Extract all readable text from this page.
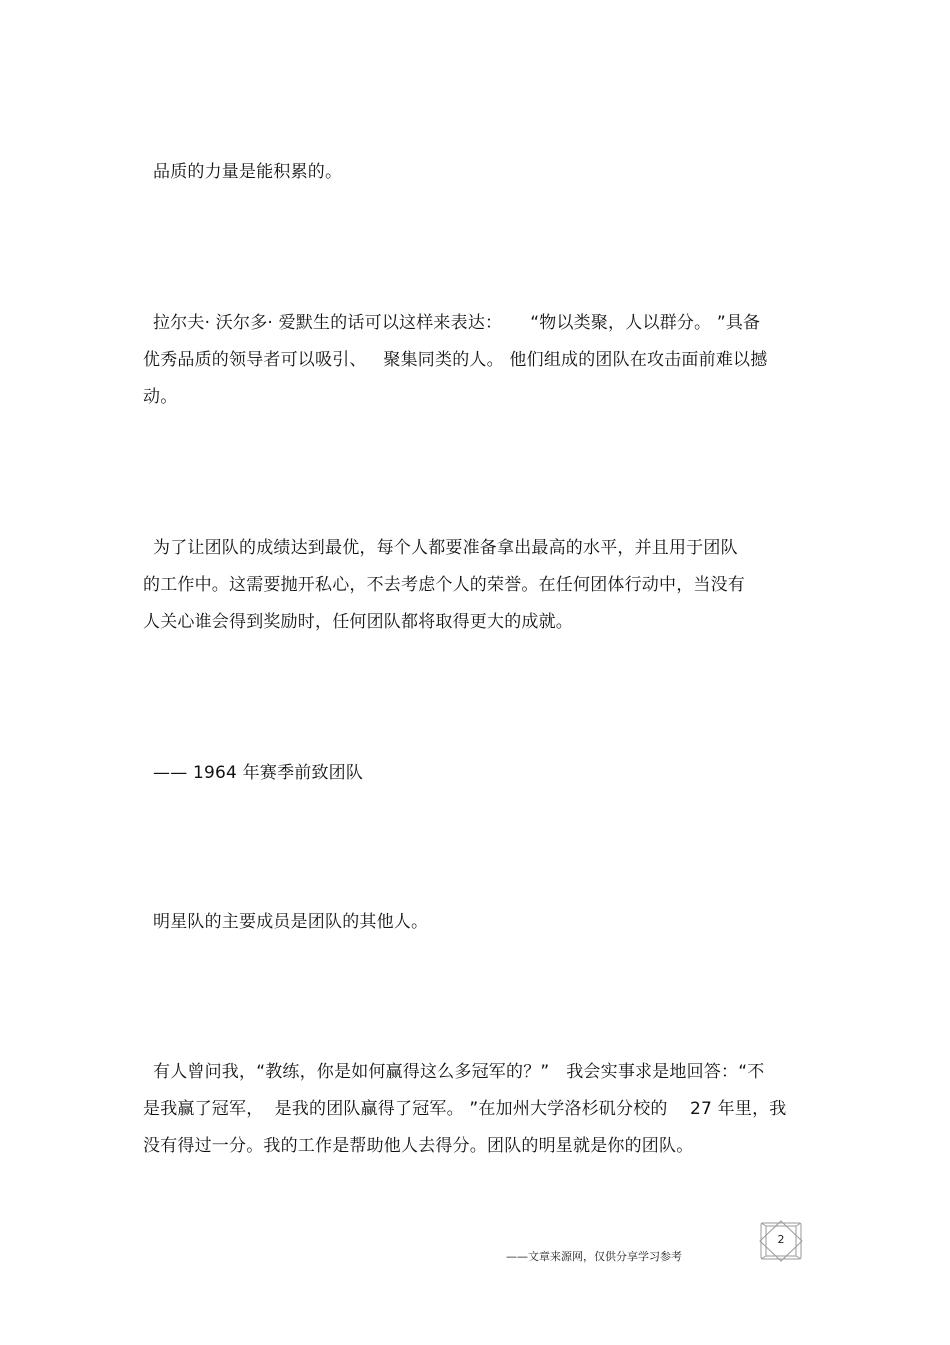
品质的力量是能积累的。
拉尔夫· 沃尔多· 爱默生的话可以这样来表达：     “物以类聚，人以群分。 ”具备
优秀品质的领导者可以吸引、   聚集同类的人。 他们组成的团队在攻击面前难以撼
动。
为了让团队的成绩达到最优，每个人都要准备拿出最高的水平，并且用于团队
的工作中。这需要抛开私心，不去考虑个人的荣誉。在任何团体行动中，当没有
人关心谁会得到奖励时，任何团队都将取得更大的成就。
—— 1964 年赛季前致团队
明星队的主要成员是团队的其他人。
有人曾问我，“教练，你是如何赢得这么多冠军的？”   我会实事求是地回答：“不
是我赢了冠军，  是我的团队赢得了冠军。 ”在加州大学洛杉矶分校的    27 年里，我
没有得过一分。我的工作是帮助他人去得分。团队的明星就是你的团队。
2
——文章来源网，仅供分享学习参考
